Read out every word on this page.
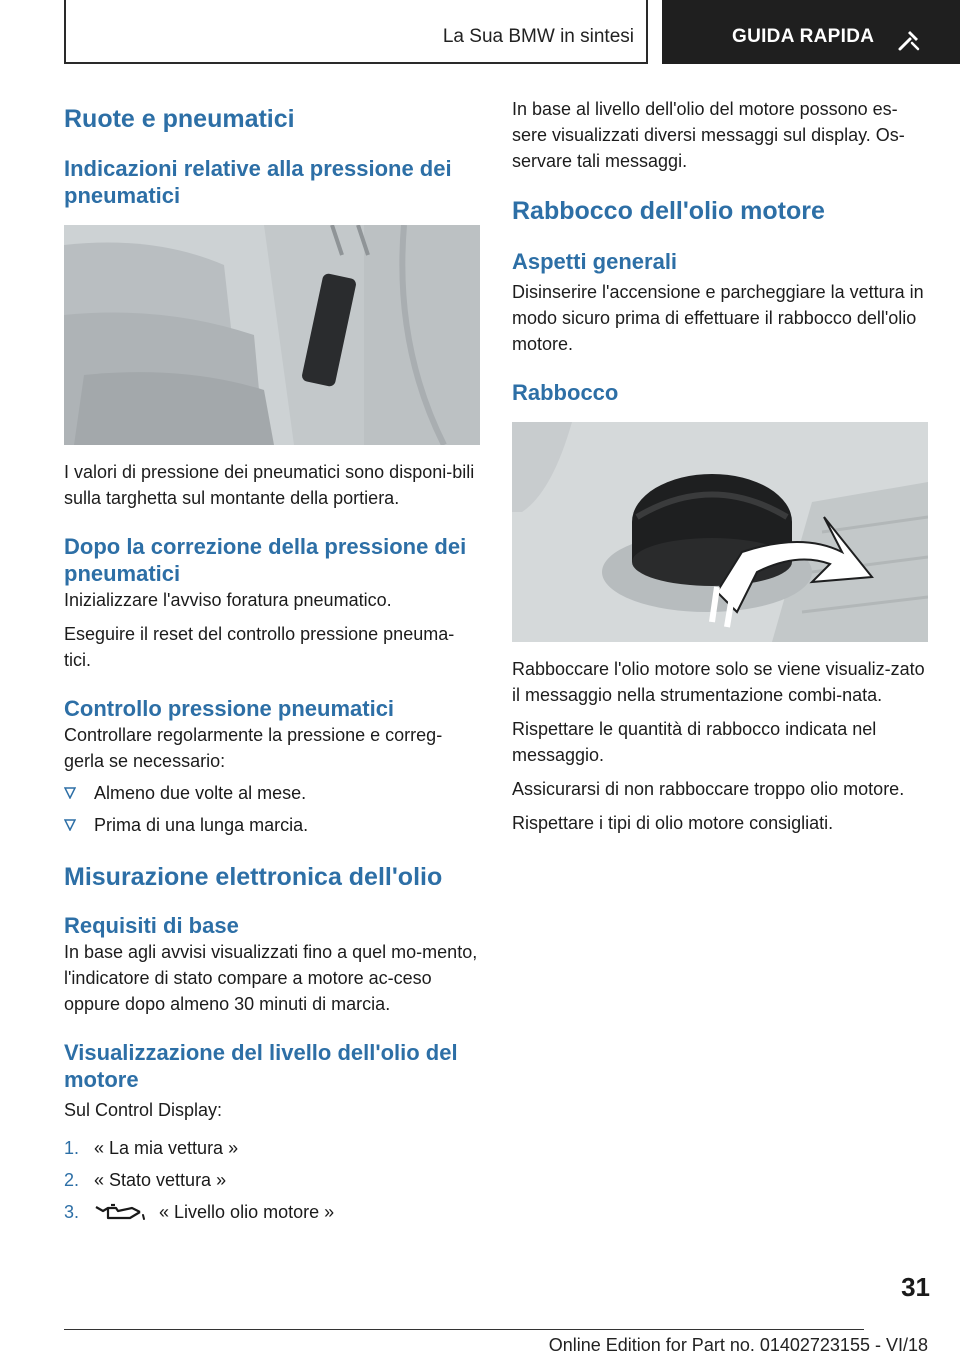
La Sua BMW in sintesi	GUIDA RAPIDA
Ruote e pneumatici
Indicazioni relative alla pressione dei pneumatici
I valori di pressione dei pneumatici sono disponi-bili sulla targhetta sul montante della portiera.
Dopo la correzione della pressione dei pneumatici
Inizializzare l'avviso foratura pneumatico.
Eseguire il reset del controllo pressione pneuma-tici.
Controllo pressione pneumatici
Controllare regolarmente la pressione e correg-gerla se necessario:
Almeno due volte al mese.
Prima di una lunga marcia.
Misurazione elettronica dell'olio
Requisiti di base
In base agli avvisi visualizzati fino a quel mo-mento, l'indicatore di stato compare a motore ac-ceso oppure dopo almeno 30 minuti di marcia.
Visualizzazione del livello dell'olio del motore
Sul Control Display:
1. « La mia vettura »
2. « Stato vettura »
3.	« Livello olio motore »
In base al livello dell'olio del motore possono es-sere visualizzati diversi messaggi sul display. Os-servare tali messaggi.
Rabbocco dell'olio motore
Aspetti generali
Disinserire l'accensione e parcheggiare la vettura in modo sicuro prima di effettuare il rabbocco dell'olio motore.
Rabbocco
Rabboccare l'olio motore solo se viene visualiz-zato il messaggio nella strumentazione combi-nata.
Rispettare le quantità di rabbocco indicata nel messaggio.
Assicurarsi di non rabboccare troppo olio motore.
Rispettare i tipi di olio motore consigliati.
31
Online Edition for Part no. 01402723155 - VI/18
